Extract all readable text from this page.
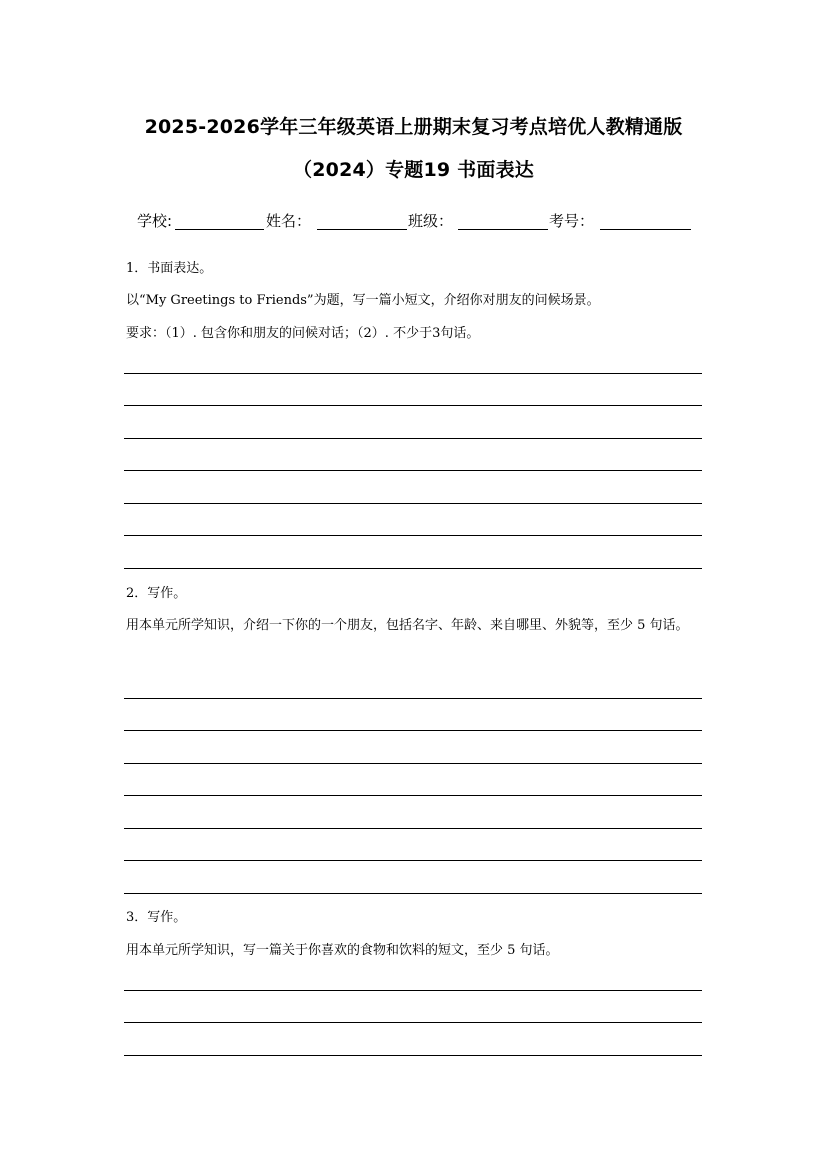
2025-2026学年三年级英语上册期末复习考点培优人教精通版
（2024）专题19 书面表达
学校:	姓名：	班级：	考号：
1．书面表达。
以“My Greetings to Friends”为题，写一篇小短文，介绍你对朋友的问候场景。
要求：（1）. 包含你和朋友的问候对话；（2）. 不少于3句话。
2．写作。
用本单元所学知识，介绍一下你的一个朋友，包括名字、年龄、来自哪里、外貌等，至少 5 句话。
3．写作。
用本单元所学知识，写一篇关于你喜欢的食物和饮料的短文，至少 5 句话。
